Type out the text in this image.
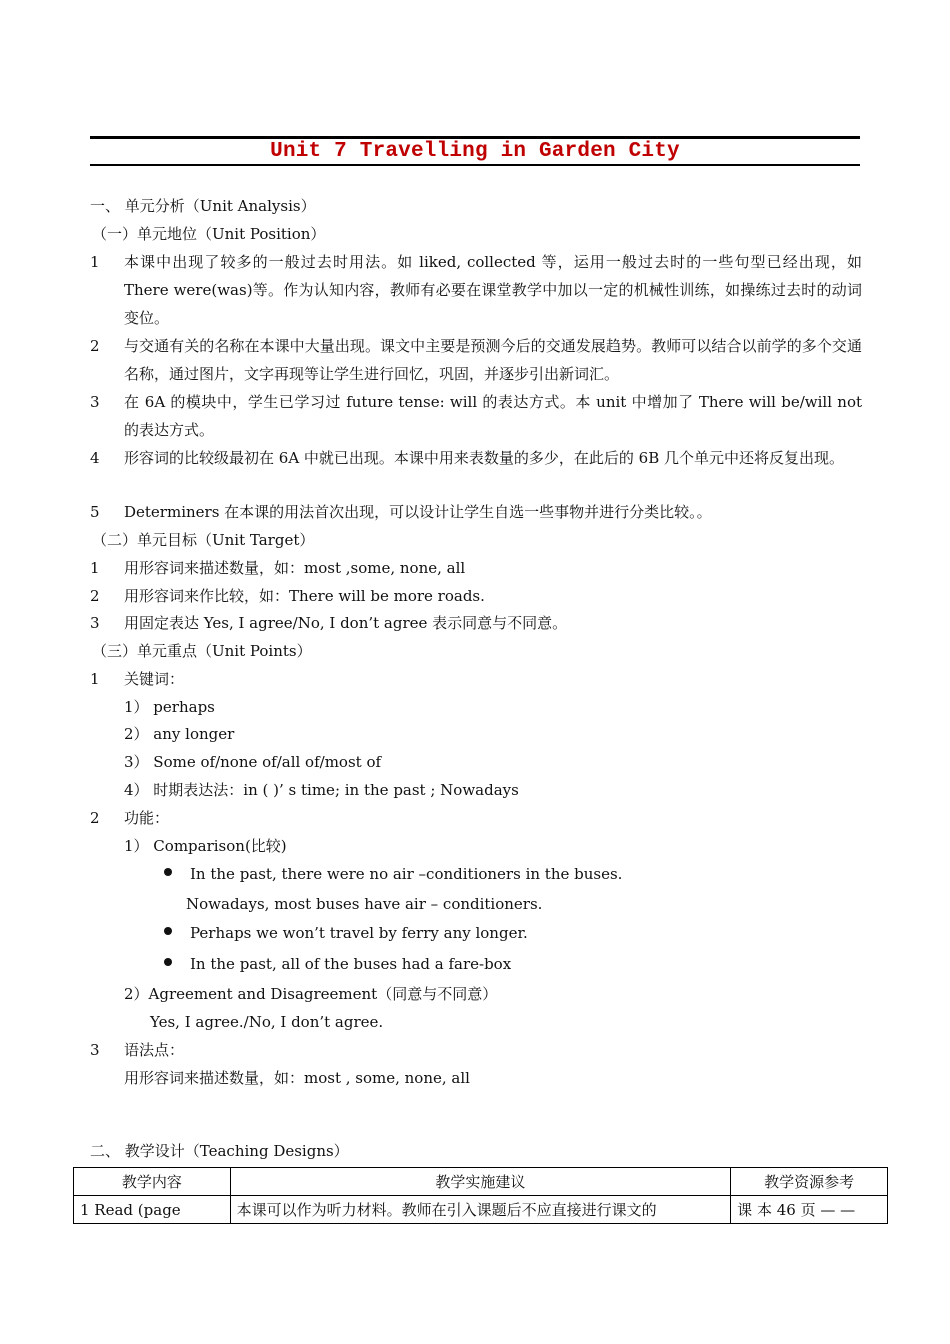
Unit 7 Travelling in Garden City
一、 单元分析（Unit Analysis）
（一）单元地位（Unit Position）
1 本课中出现了较多的一般过去时用法。如 liked, collected 等，运用一般过去时的一些句型已经出现，如 There were(was)等。作为认知内容，教师有必要在课堂教学中加以一定的机械性训练，如操练过去时的动词变位。
2 与交通有关的名称在本课中大量出现。课文中主要是预测今后的交通发展趋势。教师可以结合以前学的多个交通名称，通过图片，文字再现等让学生进行回忆，巩固，并逐步引出新词汇。
3 在 6A 的模块中，学生已学习过 future tense: will 的表达方式。本 unit 中增加了 There will be/will not 的表达方式。
4 形容词的比较级最初在 6A 中就已出现。本课中用来表数量的多少，在此后的 6B 几个单元中还将反复出现。
5 Determiners 在本课的用法首次出现，可以设计让学生自选一些事物并进行分类比较。。
（二）单元目标（Unit Target）
1 用形容词来描述数量，如：most ,some, none, all
2 用形容词来作比较，如：There will be more roads.
3 用固定表达 Yes, I agree/No, I don’t agree 表示同意与不同意。
（三）单元重点（Unit Points）
1 关键词：
1） perhaps
2） any longer
3） Some of/none of/all of/most of
4） 时期表达法：in ( )’ s time; in the past ; Nowadays
2 功能：
1） Comparison(比较)
In the past, there were no air –conditioners in the buses.
Nowadays, most buses have air – conditioners.
Perhaps we won’t travel by ferry any longer.
In the past, all of the buses had a fare-box
2）Agreement and Disagreement（同意与不同意）
Yes, I agree./No, I don’t agree.
3 语法点：
用形容词来描述数量，如：most , some, none, all
二、 教学设计（Teaching Designs）
教学内容	教学实施建议	教学资源参考
1 Read (page	本课可以作为听力材料。教师在引入课题后不应直接进行课文的	课 本 46 页 — —
